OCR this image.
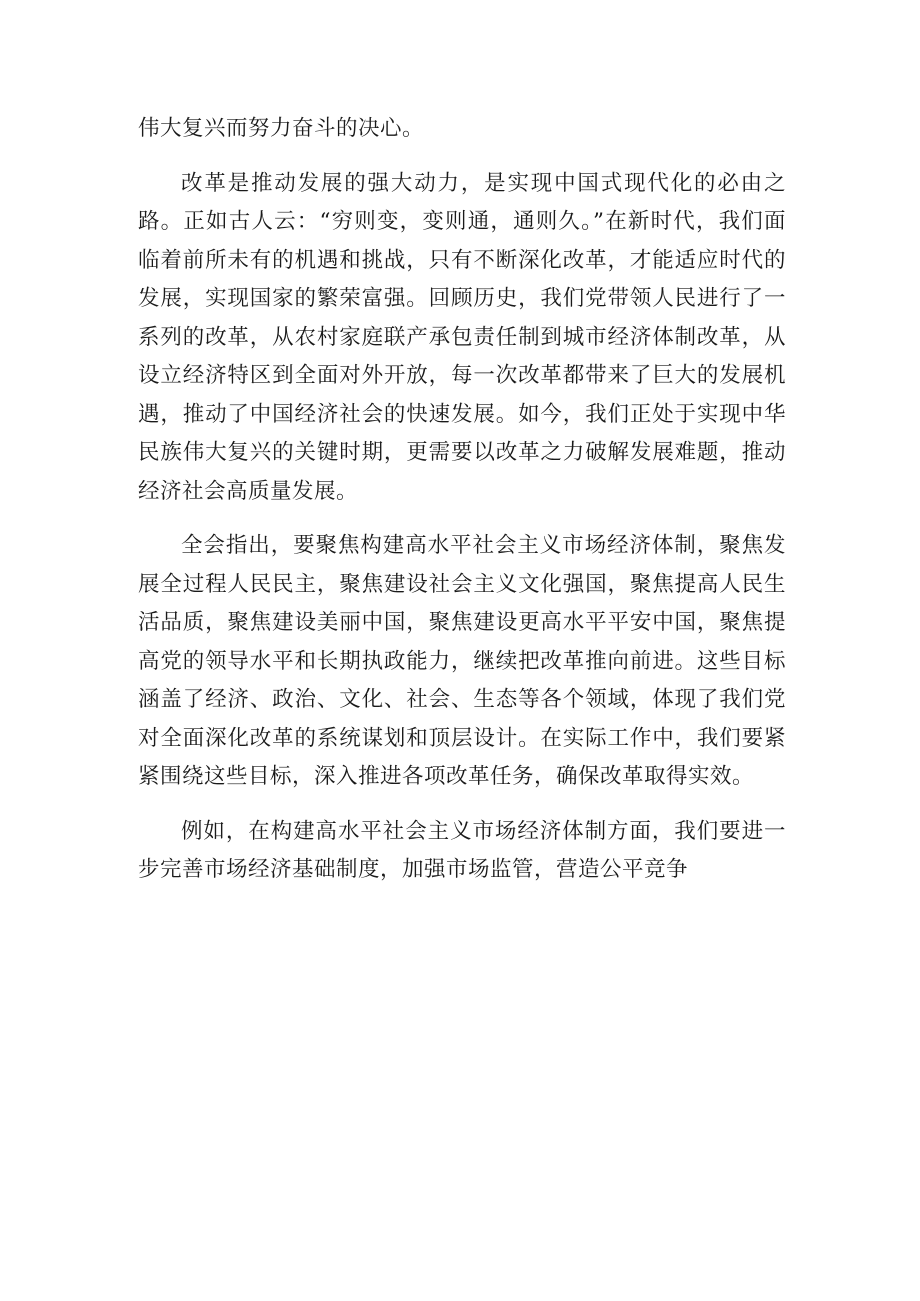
伟大复兴而努力奋斗的决心。

改革是推动发展的强大动力，是实现中国式现代化的必由之路。正如古人云：“穷则变，变则通，通则久。”在新时代，我们面临着前所未有的机遇和挑战，只有不断深化改革，才能适应时代的发展，实现国家的繁荣富强。回顾历史，我们党带领人民进行了一系列的改革，从农村家庭联产承包责任制到城市经济体制改革，从设立经济特区到全面对外开放，每一次改革都带来了巨大的发展机遇，推动了中国经济社会的快速发展。如今，我们正处于实现中华民族伟大复兴的关键时期，更需要以改革之力破解发展难题，推动经济社会高质量发展。

全会指出，要聚焦构建高水平社会主义市场经济体制，聚焦发展全过程人民民主，聚焦建设社会主义文化强国，聚焦提高人民生活品质，聚焦建设美丽中国，聚焦建设更高水平平安中国，聚焦提高党的领导水平和长期执政能力，继续把改革推向前进。这些目标涵盖了经济、政治、文化、社会、生态等各个领域，体现了我们党对全面深化改革的系统谋划和顶层设计。在实际工作中，我们要紧紧围绕这些目标，深入推进各项改革任务，确保改革取得实效。

例如，在构建高水平社会主义市场经济体制方面，我们要进一步完善市场经济基础制度，加强市场监管，营造公平竞争
